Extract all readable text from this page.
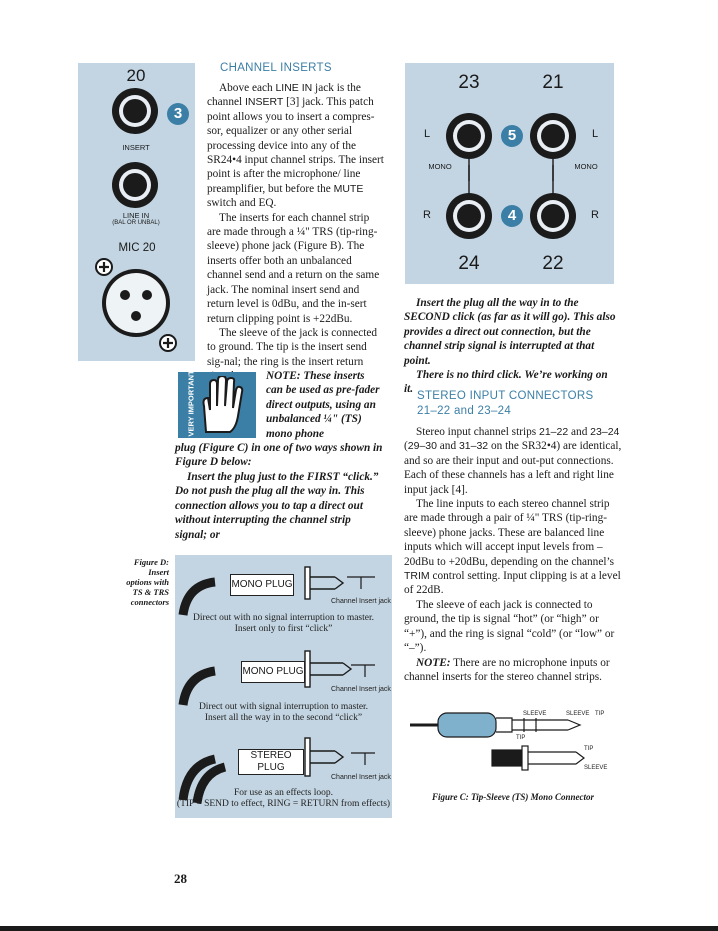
20
3
INSERT
LINE IN
(BAL OR UNBAL)
MIC 20
CHANNEL INSERTS

Above each LINE IN jack is the channel INSERT [3] jack. This patch point allows you to insert a compres-sor, equalizer or any other serial processing device into any of the SR24•4 input channel strips. The insert point is after the microphone/ line preamplifier, but before the MUTE switch and EQ.

The inserts for each channel strip are made through a ¼" TRS (tip-ring-sleeve) phone jack (Figure B). The inserts offer both an unbalanced channel send and a return on the same jack. The nominal insert send and return level is 0dBu, and the in-sert return clipping point is +22dBu.

The sleeve of the jack is connected to ground. The tip is the insert send sig-nal; the ring is the insert return

VERY IMPORTANT	NOTE: These inserts can be used as pre-fader direct outputs, using an unbalanced ¼" (TS) mono phone
plug (Figure C) in one of two ways shown in Figure D below:

Insert the plug just to the FIRST “click.” Do not push the plug all the way in. This connection allows you to tap a direct out without interrupting the channel strip signal; or

23	21
24	22
L	L
MONO	MONO
R	R
5
4

Insert the plug all the way in to the SECOND click (as far as it will go). This also provides a direct out connection, but the channel strip signal is interrupted at that point.

There is no third click. We’re working on it.

STEREO INPUT CONNECTORS
21–22 and 23–24

Stereo input channel strips 21–22 and 23–24 (29–30 and 31–32 on the SR32•4) are identical, and so are their input and out-put connections. Each of these channels has a left and right line input jack [4].

The line inputs to each stereo channel strip are made through a pair of ¼" TRS (tip-ring-sleeve) phone jacks. These are balanced line inputs which will accept input levels from –20dBu to +20dBu, depending on the channel’s TRIM control setting. Input clipping is at a level of 22dB.

The sleeve of each jack is connected to ground, the tip is signal “hot” (or “high” or “+”), and the ring is signal “cold” (or “low” or “–”).

NOTE: There are no microphone inputs or channel inserts for the stereo channel strips.

Figure D: Insert options with TS & TRS connectors
MONO PLUG
Channel Insert jack
Direct out with no signal interruption to master.
Insert only to first “click”
MONO PLUG
Channel Insert jack
Direct out with signal interruption to master.
Insert all the way in to the second “click”
STEREO
PLUG
Channel Insert jack
For use as an effects loop.
(TIP = SEND to effect, RING = RETURN from effects)
SLEEVE	SLEEVE TIP
TIP
TIP
SLEEVE
Figure C: Tip-Sleeve (TS) Mono Connector
28
